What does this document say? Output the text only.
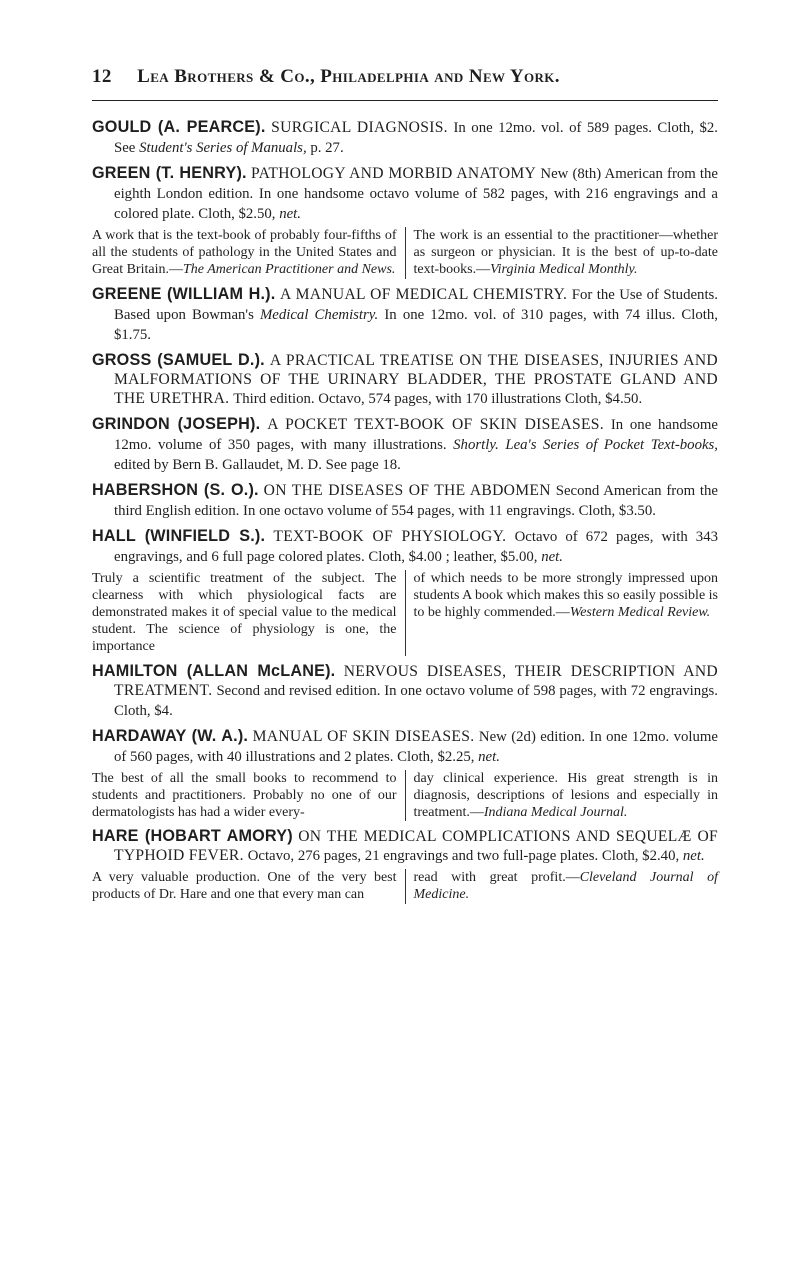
12 Lea Brothers & Co., Philadelphia and New York.

GOULD (A. PEARCE). SURGICAL DIAGNOSIS. In one 12mo. vol. of 589 pages. Cloth, $2. See Student's Series of Manuals, p. 27.

GREEN (T. HENRY). PATHOLOGY AND MORBID ANATOMY New (8th) American from the eighth London edition. In one handsome octavo volume of 582 pages, with 216 engravings and a colored plate. Cloth, $2.50, net.

A work that is the text-book of probably four-fifths of all the students of pathology in the United States and Great Britain.—The American Practitioner and News.
The work is an essential to the practitioner—whether as surgeon or physician. It is the best of up-to-date text-books.—Virginia Medical Monthly.

GREENE (WILLIAM H.). A MANUAL OF MEDICAL CHEMISTRY. For the Use of Students. Based upon Bowman's Medical Chemistry. In one 12mo. vol. of 310 pages, with 74 illus. Cloth, $1.75.

GROSS (SAMUEL D.). A PRACTICAL TREATISE ON THE DISEASES, INJURIES AND MALFORMATIONS OF THE URINARY BLADDER, THE PROSTATE GLAND AND THE URETHRA. Third edition. Octavo, 574 pages, with 170 illustrations Cloth, $4.50.

GRINDON (JOSEPH). A POCKET TEXT-BOOK OF SKIN DISEASES. In one handsome 12mo. volume of 350 pages, with many illustrations. Shortly. Lea's Series of Pocket Text-books, edited by Bern B. Gallaudet, M. D. See page 18.

HABERSHON (S. O.). ON THE DISEASES OF THE ABDOMEN Second American from the third English edition. In one octavo volume of 554 pages, with 11 engravings. Cloth, $3.50.

HALL (WINFIELD S.). TEXT-BOOK OF PHYSIOLOGY. Octavo of 672 pages, with 343 engravings, and 6 full page colored plates. Cloth, $4.00 ; leather, $5.00, net.

Truly a scientific treatment of the subject. The clearness with which physiological facts are demonstrated makes it of special value to the medical student. The science of physiology is one, the importance
of which needs to be more strongly impressed upon students A book which makes this so easily possible is to be highly commended.—Western Medical Review.

HAMILTON (ALLAN McLANE). NERVOUS DISEASES, THEIR DESCRIPTION AND TREATMENT. Second and revised edition. In one octavo volume of 598 pages, with 72 engravings. Cloth, $4.

HARDAWAY (W. A.). MANUAL OF SKIN DISEASES. New (2d) edition. In one 12mo. volume of 560 pages, with 40 illustrations and 2 plates. Cloth, $2.25, net.

The best of all the small books to recommend to students and practitioners. Probably no one of our dermatologists has had a wider every-
day clinical experience. His great strength is in diagnosis, descriptions of lesions and especially in treatment.—Indiana Medical Journal.

HARE (HOBART AMORY) ON THE MEDICAL COMPLICATIONS AND SEQUELÆ OF TYPHOID FEVER. Octavo, 276 pages, 21 engravings and two full-page plates. Cloth, $2.40, net.

A very valuable production. One of the very best products of Dr. Hare and one that every man can
read with great profit.—Cleveland Journal of Medicine.
